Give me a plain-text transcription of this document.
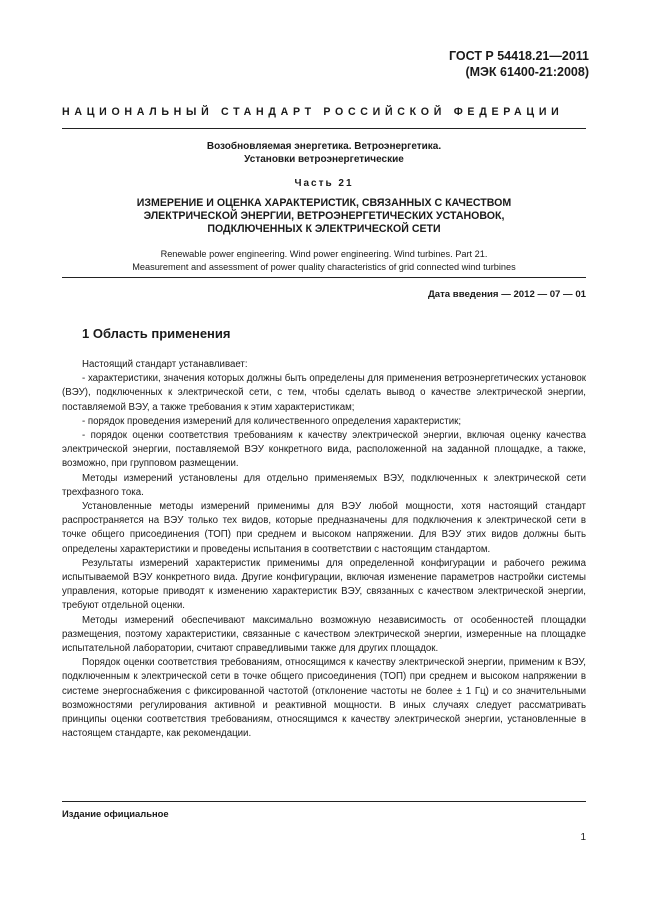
ГОСТ Р 54418.21—2011
(МЭК 61400-21:2008)
НАЦИОНАЛЬНЫЙ СТАНДАРТ РОССИЙСКОЙ ФЕДЕРАЦИИ
Возобновляемая энергетика. Ветроэнергетика.
Установки ветроэнергетические
Часть 21
ИЗМЕРЕНИЕ И ОЦЕНКА ХАРАКТЕРИСТИК, СВЯЗАННЫХ С КАЧЕСТВОМ
ЭЛЕКТРИЧЕСКОЙ ЭНЕРГИИ, ВЕТРОЭНЕРГЕТИЧЕСКИХ УСТАНОВОК,
ПОДКЛЮЧЕННЫХ К ЭЛЕКТРИЧЕСКОЙ СЕТИ
Renewable power engineering. Wind power engineering. Wind turbines. Part 21.
Measurement and assessment of power quality characteristics of grid connected wind turbines
Дата введения — 2012 — 07 — 01
1 Область применения

Настоящий стандарт устанавливает:

- характеристики, значения которых должны быть определены для применения ветроэнергетических установок (ВЭУ), подключенных к электрической сети, с тем, чтобы сделать вывод о качестве электрической энергии, поставляемой ВЭУ, а также требования к этим характеристикам;

- порядок проведения измерений для количественного определения характеристик;

- порядок оценки соответствия требованиям к качеству электрической энергии, включая оценку качества электрической энергии, поставляемой ВЭУ конкретного вида, расположенной на заданной площадке, а также, возможно, при групповом размещении.

Методы измерений установлены для отдельно применяемых ВЭУ, подключенных к электрической сети трехфазного тока.

Установленные методы измерений применимы для ВЭУ любой мощности, хотя настоящий стандарт распространяется на ВЭУ только тех видов, которые предназначены для подключения к электрической сети в точке общего присоединения (ТОП) при среднем и высоком напряжении. Для ВЭУ этих видов должны быть определены характеристики и проведены испытания в соответствии с настоящим стандартом.

Результаты измерений характеристик применимы для определенной конфигурации и рабочего режима испытываемой ВЭУ конкретного вида. Другие конфигурации, включая изменение параметров настройки системы управления, которые приводят к изменению характеристик ВЭУ, связанных с качеством электрической энергии, требуют отдельной оценки.

Методы измерений обеспечивают максимально возможную независимость от особенностей площадки размещения, поэтому характеристики, связанные с качеством электрической энергии, измеренные на площадке испытательной лаборатории, считают справедливыми также для других площадок.

Порядок оценки соответствия требованиям, относящимся к качеству электрической энергии, применим к ВЭУ, подключенным к электрической сети в точке общего присоединения (ТОП) при среднем и высоком напряжении в системе энергоснабжения с фиксированной частотой (отклонение частоты не более ± 1 Гц) и со значительными возможностями регулирования активной и реактивной мощности. В иных случаях следует рассматривать принципы оценки соответствия требованиям, относящимся к качеству электрической энергии, установленные в настоящем стандарте, как рекомендации.

Издание официальное
1
